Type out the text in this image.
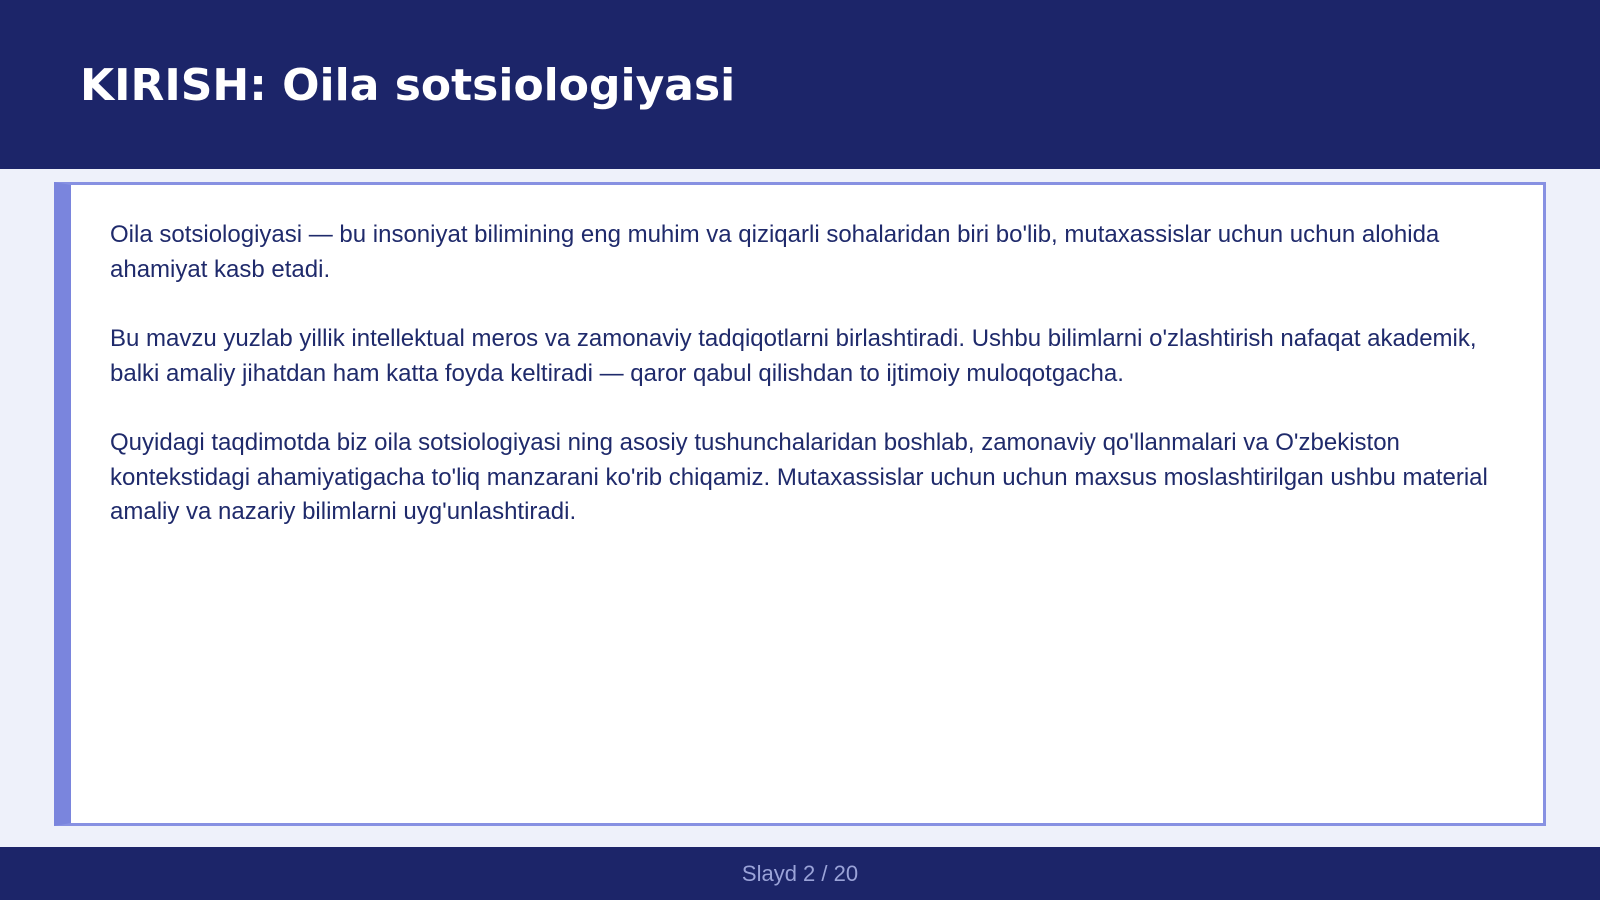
KIRISH: Oila sotsiologiyasi

Oila sotsiologiyasi — bu insoniyat bilimining eng muhim va qiziqarli sohalaridan biri bo'lib, mutaxassislar uchun uchun alohida ahamiyat kasb etadi.

Bu mavzu yuzlab yillik intellektual meros va zamonaviy tadqiqotlarni birlashtiradi. Ushbu bilimlarni o'zlashtirish nafaqat akademik, balki amaliy jihatdan ham katta foyda keltiradi — qaror qabul qilishdan to ijtimoiy muloqotgacha.

Quyidagi taqdimotda biz oila sotsiologiyasi ning asosiy tushunchalaridan boshlab, zamonaviy qo'llanmalari va O'zbekiston kontekstidagi ahamiyatigacha to'liq manzarani ko'rib chiqamiz. Mutaxassislar uchun uchun maxsus moslashtirilgan ushbu material amaliy va nazariy bilimlarni uyg'unlashtiradi.

Slayd 2 / 20
